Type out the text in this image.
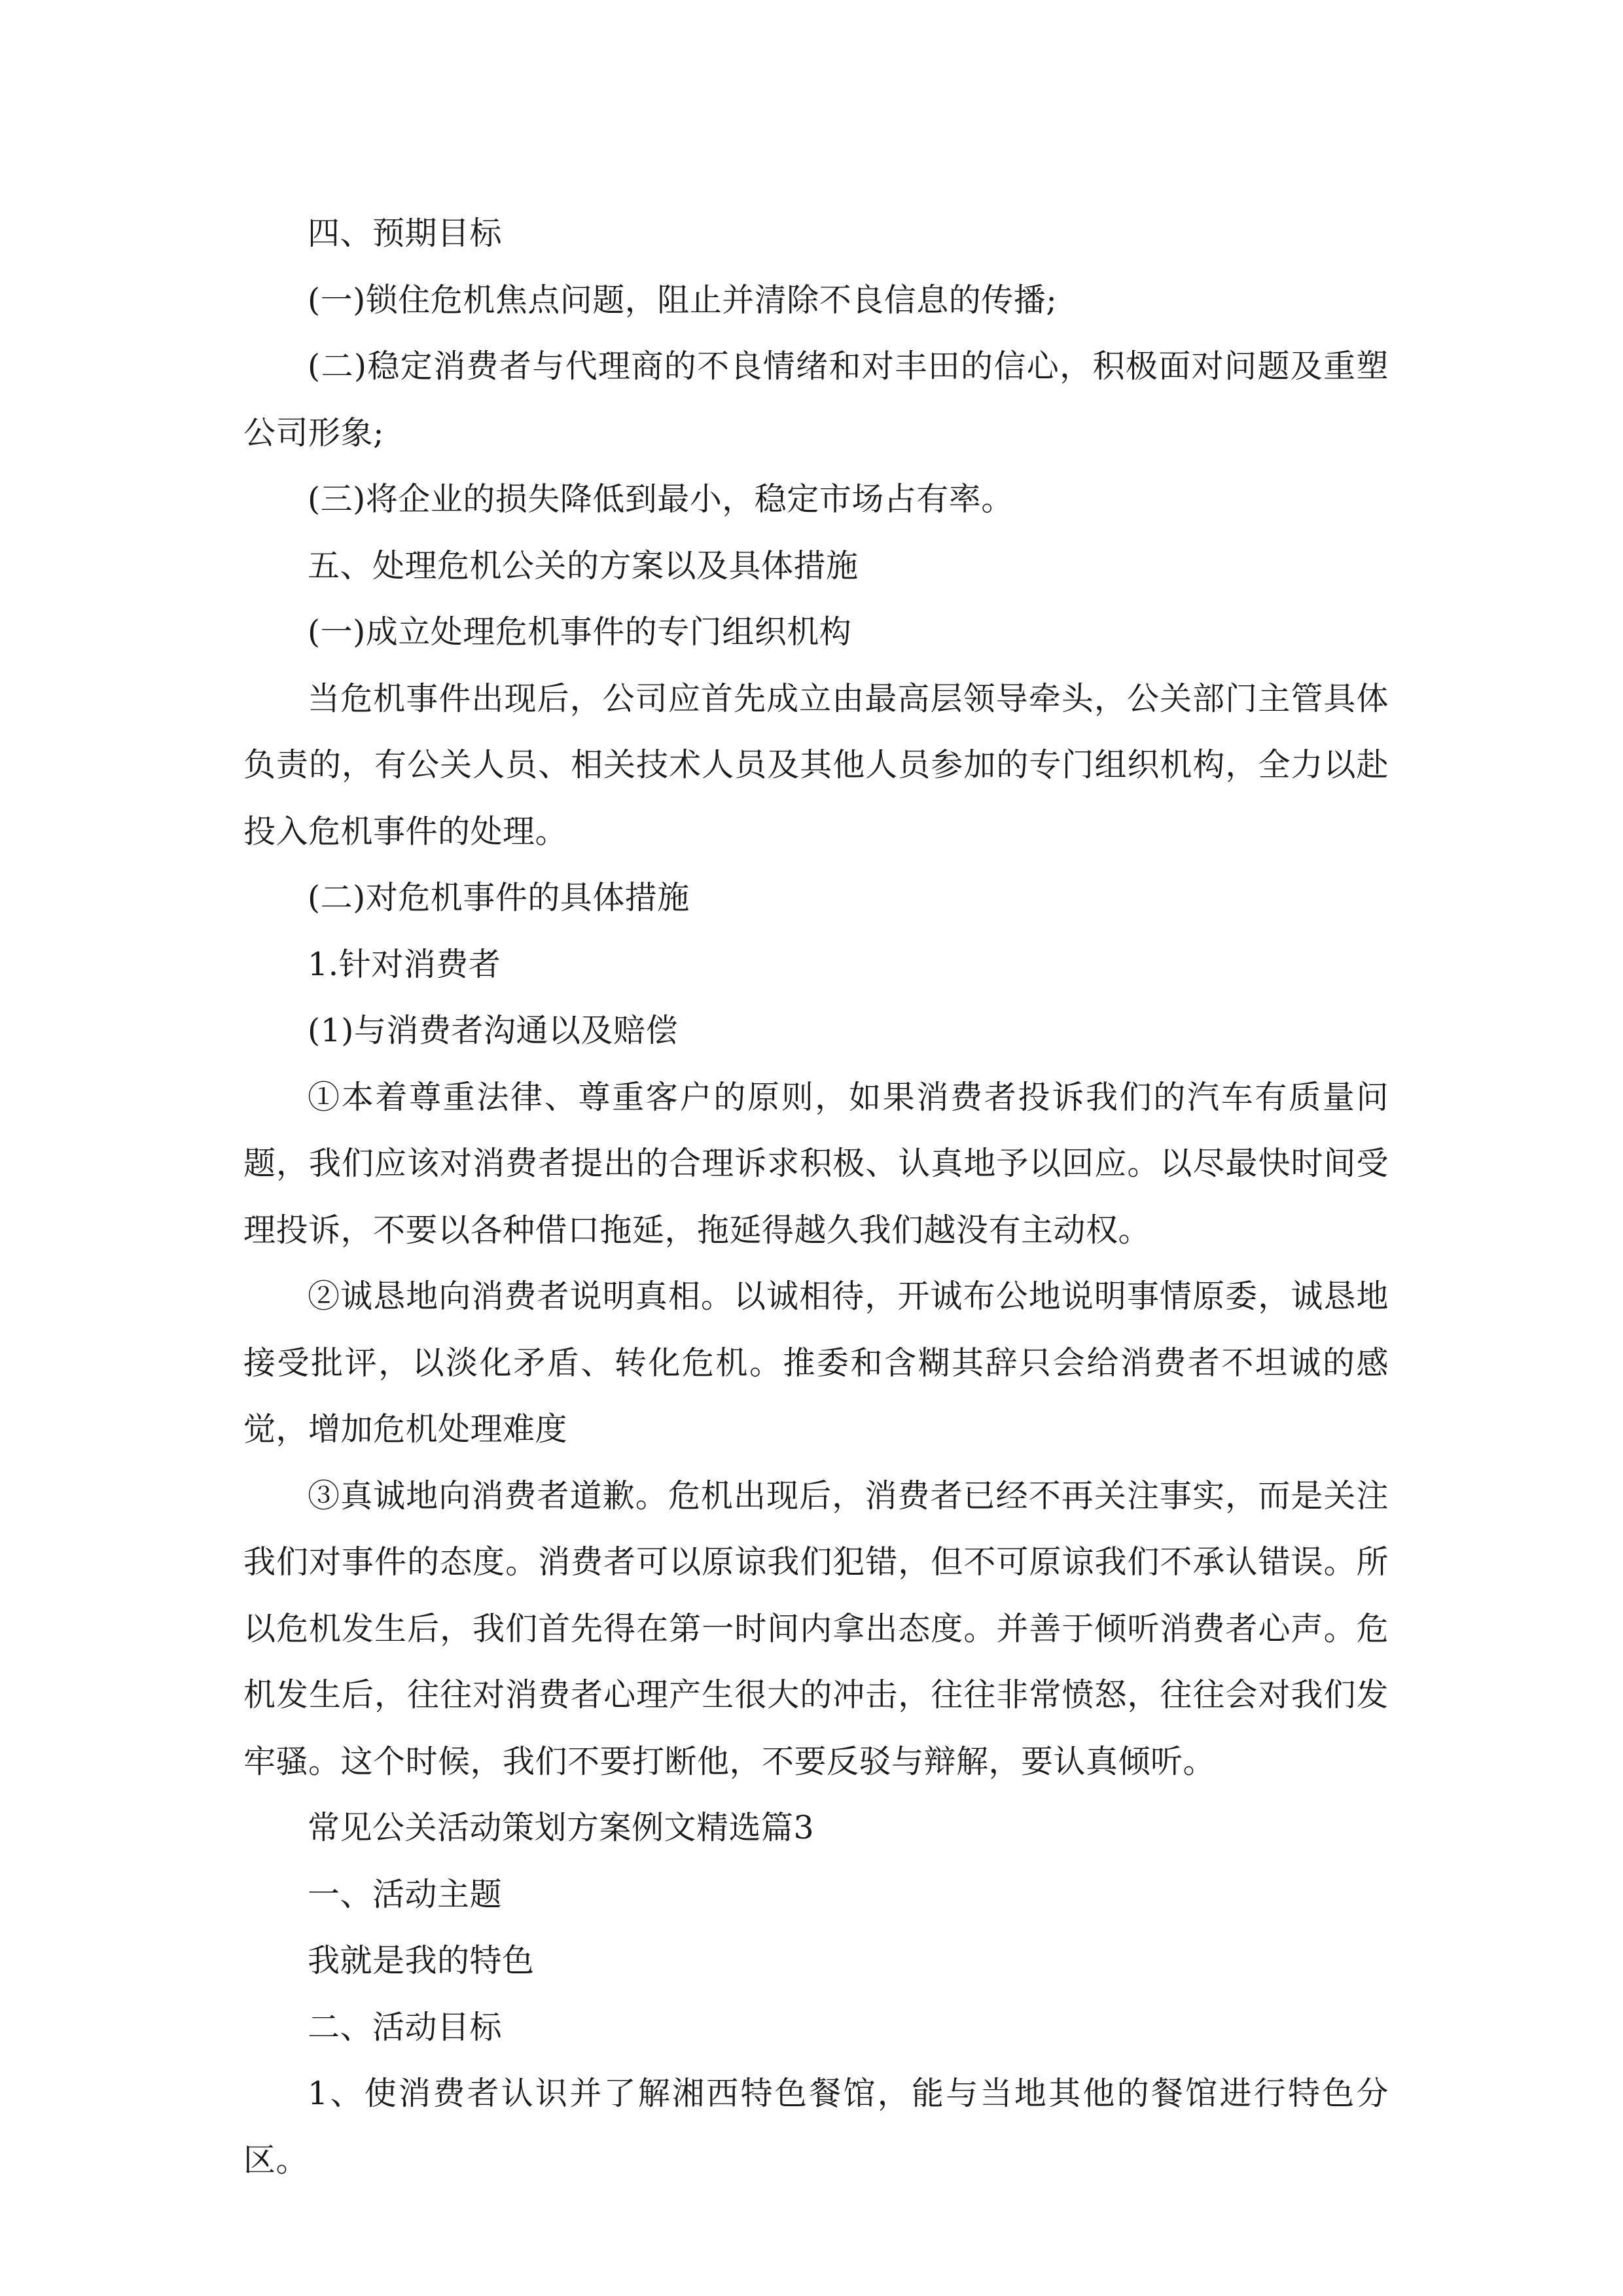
四、预期目标

(一)锁住危机焦点问题，阻止并清除不良信息的传播;

(二)稳定消费者与代理商的不良情绪和对丰田的信心，积极面对问题及重塑公司形象;

(三)将企业的损失降低到最小，稳定市场占有率。

五、处理危机公关的方案以及具体措施

(一)成立处理危机事件的专门组织机构

当危机事件出现后，公司应首先成立由最高层领导牵头，公关部门主管具体负责的，有公关人员、相关技术人员及其他人员参加的专门组织机构，全力以赴投入危机事件的处理。

(二)对危机事件的具体措施

1.针对消费者

(1)与消费者沟通以及赔偿

①本着尊重法律、尊重客户的原则，如果消费者投诉我们的汽车有质量问题，我们应该对消费者提出的合理诉求积极、认真地予以回应。以尽最快时间受理投诉，不要以各种借口拖延，拖延得越久我们越没有主动权。

②诚恳地向消费者说明真相。以诚相待，开诚布公地说明事情原委，诚恳地接受批评，以淡化矛盾、转化危机。推委和含糊其辞只会给消费者不坦诚的感觉，增加危机处理难度

③真诚地向消费者道歉。危机出现后，消费者已经不再关注事实，而是关注我们对事件的态度。消费者可以原谅我们犯错，但不可原谅我们不承认错误。所以危机发生后，我们首先得在第一时间内拿出态度。并善于倾听消费者心声。危机发生后，往往对消费者心理产生很大的冲击，往往非常愤怒，往往会对我们发牢骚。这个时候，我们不要打断他，不要反驳与辩解，要认真倾听。

常见公关活动策划方案例文精选篇3

一、活动主题

我就是我的特色

二、活动目标

1、使消费者认识并了解湘西特色餐馆，能与当地其他的餐馆进行特色分区。
